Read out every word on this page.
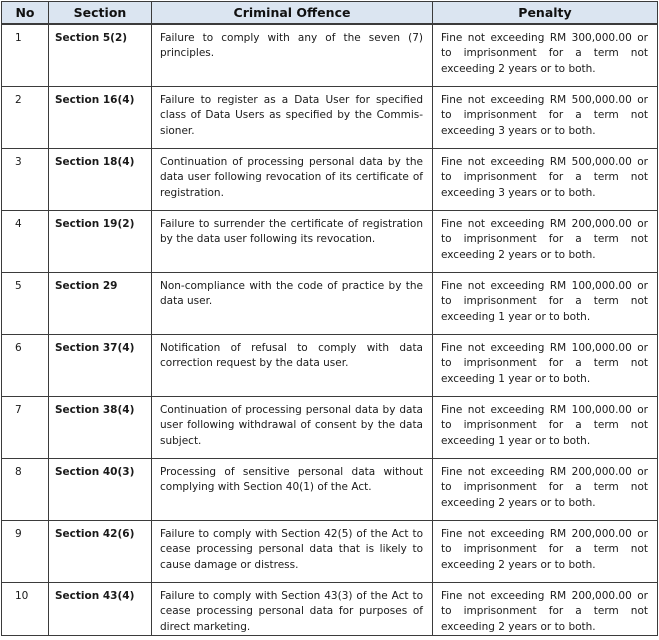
No	Section	Criminal Offence	Penalty
1	Section 5(2)	Failure to comply with any of the seven (7) principles.	Fine not exceeding RM 300,000.00 or to imprisonment for a term not exceeding 2 years or to both.
2	Section 16(4)	Failure to register as a Data User for specified class of Data Users as specified by the Commis-sioner.	Fine not exceeding RM 500,000.00 or to imprisonment for a term not exceeding 3 years or to both.
3	Section 18(4)	Continuation of processing personal data by the data user following revocation of its certificate of registration.	Fine not exceeding RM 500,000.00 or to imprisonment for a term not exceeding 3 years or to both.
4	Section 19(2)	Failure to surrender the certificate of registration by the data user following its revocation.	Fine not exceeding RM 200,000.00 or to imprisonment for a term not exceeding 2 years or to both.
5	Section 29	Non-compliance with the code of practice by the data user.	Fine not exceeding RM 100,000.00 or to imprisonment for a term not exceeding 1 year or to both.
6	Section 37(4)	Notification of refusal to comply with data correction request by the data user.	Fine not exceeding RM 100,000.00 or to imprisonment for a term not exceeding 1 year or to both.
7	Section 38(4)	Continuation of processing personal data by data user following withdrawal of consent by the data subject.	Fine not exceeding RM 100,000.00 or to imprisonment for a term not exceeding 1 year or to both.
8	Section 40(3)	Processing of sensitive personal data without complying with Section 40(1) of the Act.	Fine not exceeding RM 200,000.00 or to imprisonment for a term not exceeding 2 years or to both.
9	Section 42(6)	Failure to comply with Section 42(5) of the Act to cease processing personal data that is likely to cause damage or distress.	Fine not exceeding RM 200,000.00 or to imprisonment for a term not exceeding 2 years or to both.
10	Section 43(4)	Failure to comply with Section 43(3) of the Act to cease processing personal data for purposes of direct marketing.	Fine not exceeding RM 200,000.00 or to imprisonment for a term not exceeding 2 years or to both.
